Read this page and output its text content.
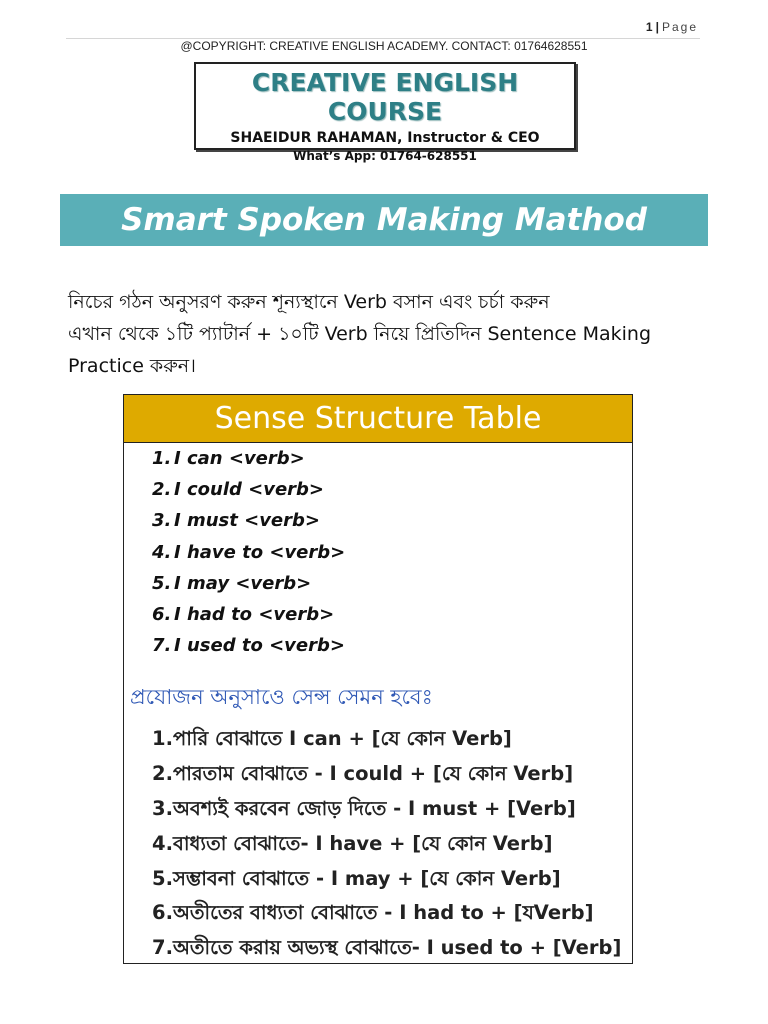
1 | Page
@COPYRIGHT: CREATIVE ENGLISH ACADEMY. CONTACT: 01764628551
CREATIVE ENGLISH COURSE
SHAEIDUR RAHAMAN, Instructor & CEO
What’s App: 01764-628551
Smart Spoken Making Mathod

নিচের গঠন অনুসরণ করুন শূন্যস্থানে Verb বসান এবং চর্চা করুন

এখান থেকে ১টি প্যাটার্ন + ১০টি Verb নিয়ে প্রিতিদিন Sentence Making Practice করুন।

Sense Structure Table
1. I can <verb>
2. I could <verb>
3. I must <verb>
4. I have to <verb>
5. I may <verb>
6. I had to <verb>
7. I used to <verb>
প্রযোজন অনুসাওে সেন্স সেমন হবেঃ
1.পারি বোঝাতে I can + [যে কোন Verb]
2.পারতাম বোঝাতে - I could + [যে কোন Verb]
3.অবশ্যই করবেন জোড় দিতে - I must + [Verb]
4.বাধ্যতা বোঝাতে- I have + [যে কোন Verb]
5.সম্ভাবনা বোঝাতে - I may + [যে কোন Verb]
6.অতীতের বাধ্যতা বোঝাতে - I had to + [যVerb]
7.অতীতে করায় অভ্যস্থ বোঝাতে- I used to + [Verb]
